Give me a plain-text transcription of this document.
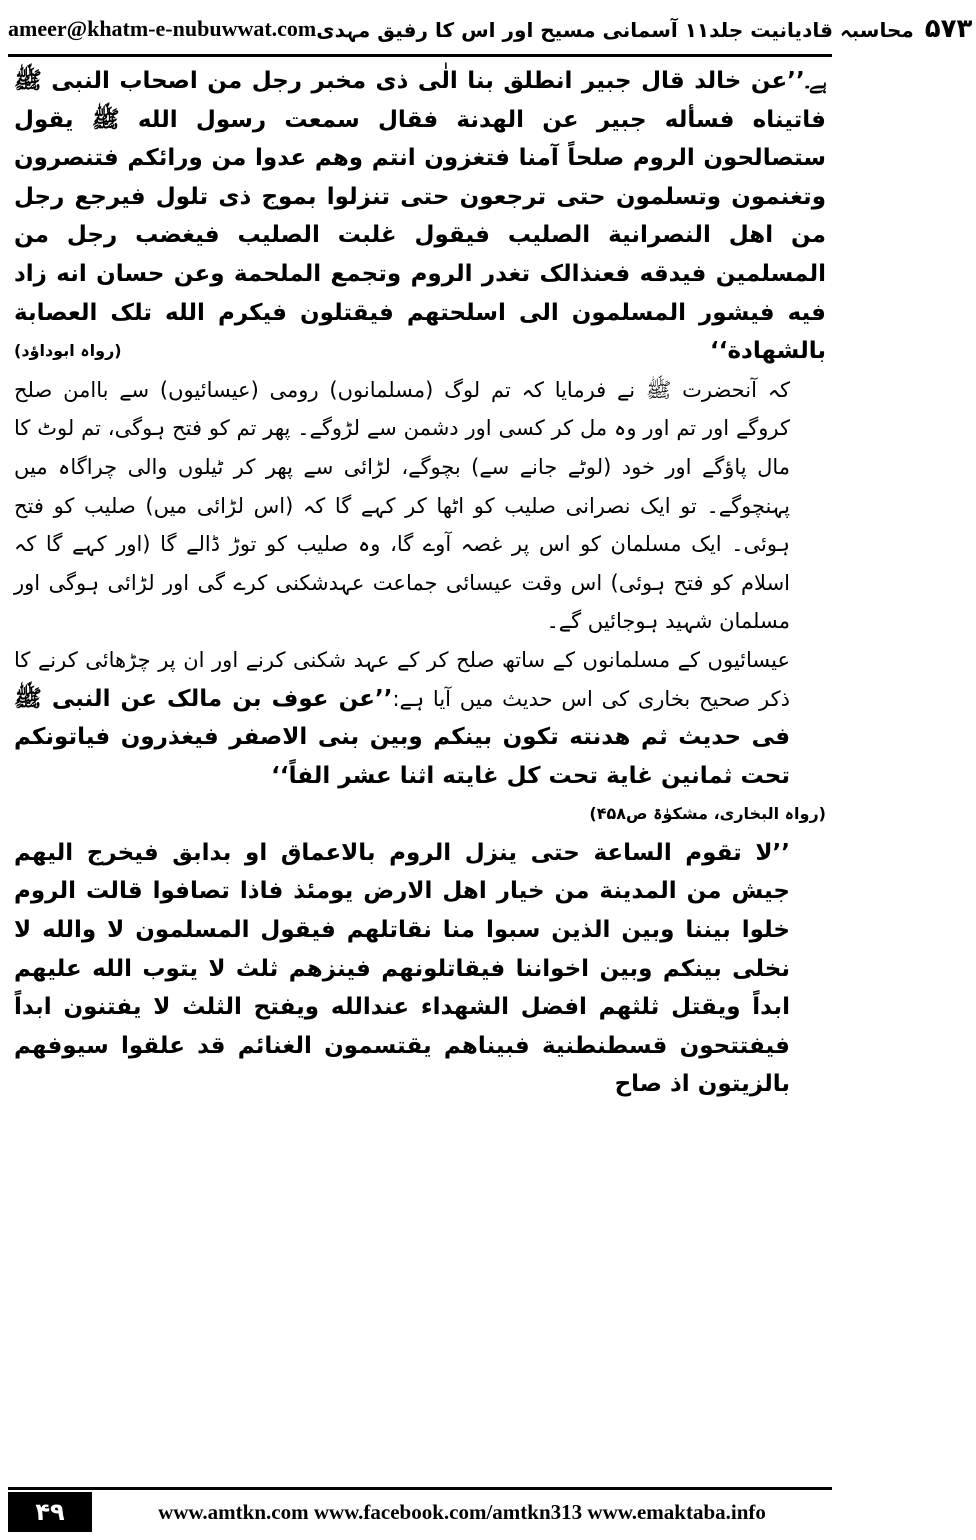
ameer@khatm-e-nubuwwat.com	۵۷۳ محاسبہ قادیانیت جلد۱۱ آسمانی مسیح اور اس کا رفیق مہدی

ہے۔’’عن خالد قال جبير انطلق بنا الٰی ذی مخبر رجل من اصحاب النبی ﷺ فاتيناه فسأله جبير عن الهدنة فقال سمعت رسول الله ﷺ يقول ستصالحون الروم صلحاً آمنا فتغزون انتم وهم عدوا من ورائكم فتنصرون وتغنمون وتسلمون حتی ترجعون حتی تنزلوا بموج ذی تلول فيرجع رجل من اهل النصرانية الصليب فيقول غلبت الصليب فيغضب رجل من المسلمين فيدقه فعنذالک تغدر الروم وتجمع الملحمة وعن حسان انه زاد فيه فيشور المسلمون الی اسلحتهم فيقتلون فيكرم الله تلک العصابة بالشهادة‘‘
(رواہ ابوداؤد)

کہ آنحضرت ﷺ نے فرمایا کہ تم لوگ (مسلمانوں) رومی (عیسائیوں) سے باامن صلح کروگے اور تم اور وہ مل کر کسی اور دشمن سے لڑوگے۔ پھر تم کو فتح ہوگی، تم لوٹ کا مال پاؤگے اور خود (لوٹے جانے سے) بچوگے، لڑائی سے پھر کر ٹیلوں والی چراگاہ میں پہنچوگے۔ تو ایک نصرانی صلیب کو اٹھا کر کہے گا کہ (اس لڑائی میں) صلیب کو فتح ہوئی۔ ایک مسلمان کو اس پر غصہ آوے گا، وہ صلیب کو توڑ ڈالے گا (اور کہے گا کہ اسلام کو فتح ہوئی) اس وقت عیسائی جماعت عہدشکنی کرے گی اور لڑائی ہوگی اور مسلمان شہید ہوجائیں گے۔

عیسائیوں کے مسلمانوں کے ساتھ صلح کر کے عہد شکنی کرنے اور ان پر چڑھائی کرنے کا ذکر صحیح بخاری کی اس حدیث میں آیا ہے:’’عن عوف بن مالک عن النبی ﷺ فی حديث ثم هدنته تكون بينكم وبين بنی الاصفر فيغذرون فياتونكم تحت ثمانين غاية تحت كل غايته اثنا عشر الفاً‘‘

(رواہ البخاری، مشکوٰۃ ص۴۵۸)

’’لا تقوم الساعة حتی ينزل الروم بالاعماق او بدابق فيخرج اليهم جيش من المدينة من خيار اهل الارض يومئذ فاذا تصافوا قالت الروم خلوا بيننا وبين الذين سبوا منا نقاتلهم فيقول المسلمون لا والله لا نخلی بينكم وبين اخواننا فيقاتلونهم فينزهم ثلث لا يتوب الله عليهم ابداً ويقتل ثلثهم افضل الشهداء عندالله ويفتح الثلث لا يفتنون ابداً فيفتتحون قسطنطنية فبيناهم يقتسمون الغنائم قد علقوا سيوفهم بالزيتون اذ صاح

۴۹	www.amtkn.com www.facebook.com/amtkn313 www.emaktaba.info
